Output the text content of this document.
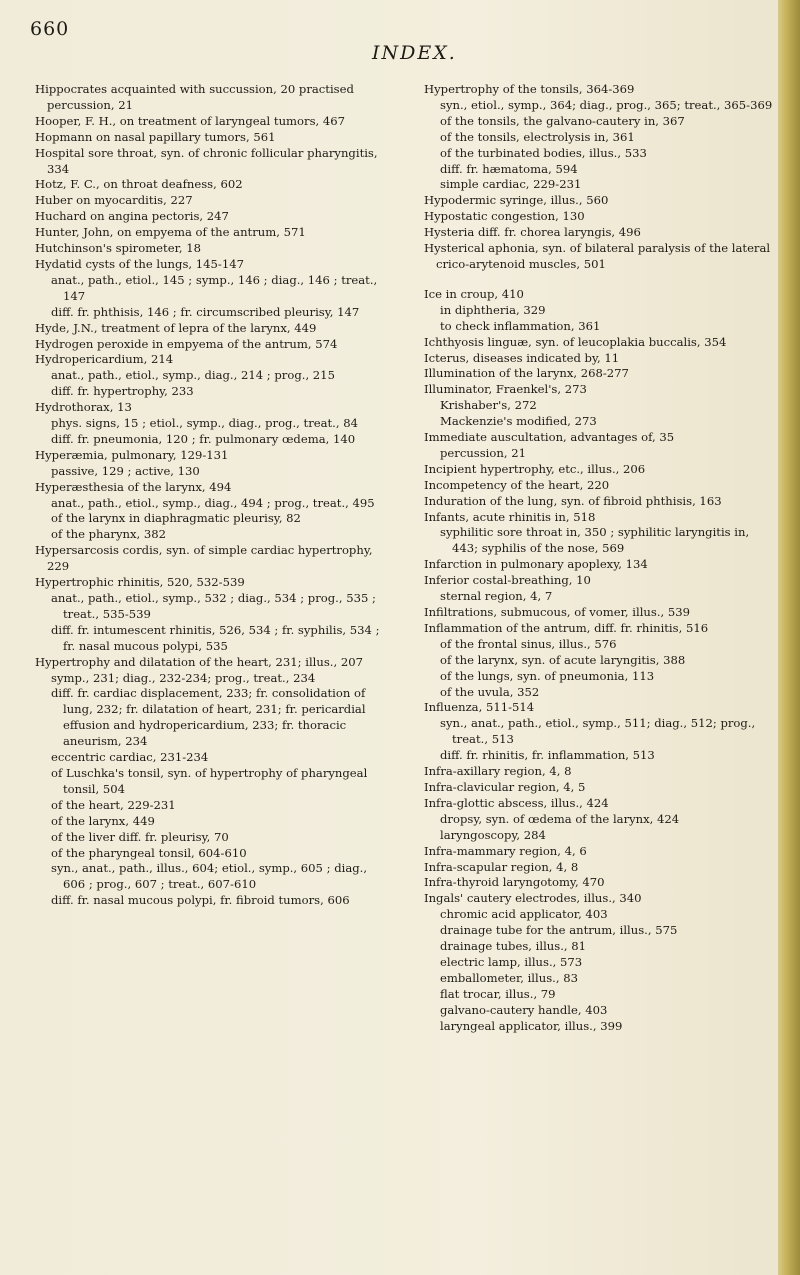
660
INDEX.

Hippocrates acquainted with succussion, 20 practised percussion, 21

Hooper, F. H., on treatment of laryngeal tumors, 467

Hopmann on nasal papillary tumors, 561

Hospital sore throat, syn. of chronic follicular pharyngitis, 334

Hotz, F. C., on throat deafness, 602

Huber on myocarditis, 227

Huchard on angina pectoris, 247

Hunter, John, on empyema of the antrum, 571

Hutchinson's spirometer, 18

Hydatid cysts of the lungs, 145-147

anat., path., etiol., 145 ; symp., 146 ; diag., 146 ; treat., 147

diff. fr. phthisis, 146 ; fr. circumscribed pleurisy, 147

Hyde, J.N., treatment of lepra of the larynx, 449

Hydrogen peroxide in empyema of the antrum, 574

Hydropericardium, 214

anat., path., etiol., symp., diag., 214 ; prog., 215

diff. fr. hypertrophy, 233

Hydrothorax, 13

phys. signs, 15 ; etiol., symp., diag., prog., treat., 84

diff. fr. pneumonia, 120 ; fr. pulmonary œdema, 140

Hyperæmia, pulmonary, 129-131

passive, 129 ; active, 130

Hyperæsthesia of the larynx, 494

anat., path., etiol., symp., diag., 494 ; prog., treat., 495

of the larynx in diaphragmatic pleurisy, 82

of the pharynx, 382

Hypersarcosis cordis, syn. of simple cardiac hypertrophy, 229

Hypertrophic rhinitis, 520, 532-539

anat., path., etiol., symp., 532 ; diag., 534 ; prog., 535 ; treat., 535-539

diff. fr. intumescent rhinitis, 526, 534 ; fr. syphilis, 534 ; fr. nasal mucous polypi, 535

Hypertrophy and dilatation of the heart, 231; illus., 207

symp., 231; diag., 232-234; prog., treat., 234

diff. fr. cardiac displacement, 233; fr. consolidation of lung, 232; fr. dilatation of heart, 231; fr. pericardial effusion and hydropericardium, 233; fr. thoracic aneurism, 234

eccentric cardiac, 231-234

of Luschka's tonsil, syn. of hypertrophy of pharyngeal tonsil, 504

of the heart, 229-231

of the larynx, 449

of the liver diff. fr. pleurisy, 70

of the pharyngeal tonsil, 604-610

syn., anat., path., illus., 604; etiol., symp., 605 ; diag., 606 ; prog., 607 ; treat., 607-610

diff. fr. nasal mucous polypi, fr. fibroid tumors, 606

Hypertrophy of the tonsils, 364-369

syn., etiol., symp., 364; diag., prog., 365; treat., 365-369

of the tonsils, the galvano-cautery in, 367

of the tonsils, electrolysis in, 361

of the turbinated bodies, illus., 533

diff. fr. hæmatoma, 594

simple cardiac, 229-231

Hypodermic syringe, illus., 560

Hypostatic congestion, 130

Hysteria diff. fr. chorea laryngis, 496

Hysterical aphonia, syn. of bilateral paralysis of the lateral crico-arytenoid muscles, 501

Ice in croup, 410

in diphtheria, 329

to check inflammation, 361

Ichthyosis linguæ, syn. of leucoplakia buccalis, 354

Icterus, diseases indicated by, 11

Illumination of the larynx, 268-277

Illuminator, Fraenkel's, 273

Krishaber's, 272

Mackenzie's modified, 273

Immediate auscultation, advantages of, 35

percussion, 21

Incipient hypertrophy, etc., illus., 206

Incompetency of the heart, 220

Induration of the lung, syn. of fibroid phthisis, 163

Infants, acute rhinitis in, 518

syphilitic sore throat in, 350 ; syphilitic laryngitis in, 443; syphilis of the nose, 569

Infarction in pulmonary apoplexy, 134

Inferior costal-breathing, 10

sternal region, 4, 7

Infiltrations, submucous, of vomer, illus., 539

Inflammation of the antrum, diff. fr. rhinitis, 516

of the frontal sinus, illus., 576

of the larynx, syn. of acute laryngitis, 388

of the lungs, syn. of pneumonia, 113

of the uvula, 352

Influenza, 511-514

syn., anat., path., etiol., symp., 511; diag., 512; prog., treat., 513

diff. fr. rhinitis, fr. inflammation, 513

Infra-axillary region, 4, 8

Infra-clavicular region, 4, 5

Infra-glottic abscess, illus., 424

dropsy, syn. of œdema of the larynx, 424

laryngoscopy, 284

Infra-mammary region, 4, 6

Infra-scapular region, 4, 8

Infra-thyroid laryngotomy, 470

Ingals' cautery electrodes, illus., 340

chromic acid applicator, 403

drainage tube for the antrum, illus., 575

drainage tubes, illus., 81

electric lamp, illus., 573

emballometer, illus., 83

flat trocar, illus., 79

galvano-cautery handle, 403

laryngeal applicator, illus., 399
